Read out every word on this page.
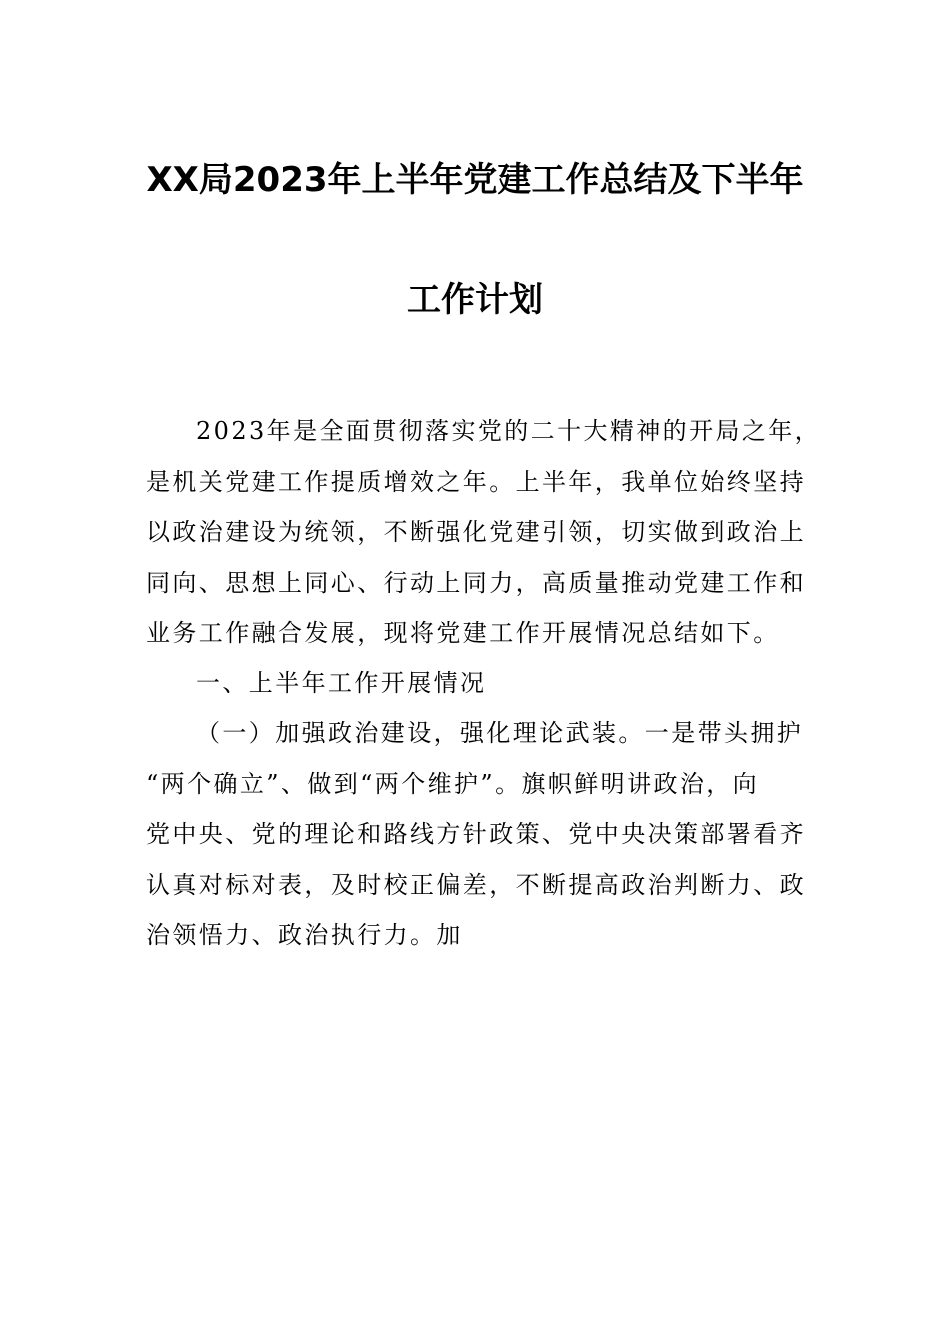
XX局2023年上半年党建工作总结及下半年
工作计划
2023年是全面贯彻落实党的二十大精神的开局之年，
是机关党建工作提质增效之年。上半年，我单位始终坚持
以政治建设为统领，不断强化党建引领，切实做到政治上
同向、思想上同心、行动上同力，高质量推动党建工作和
业务工作融合发展，现将党建工作开展情况总结如下。
一、上半年工作开展情况
（一）加强政治建设，强化理论武装。一是带头拥护
“两个确立”、做到“两个维护”。旗帜鲜明讲政治，向
党中央、党的理论和路线方针政策、党中央决策部署看齐
认真对标对表，及时校正偏差，不断提高政治判断力、政
治领悟力、政治执行力。加
